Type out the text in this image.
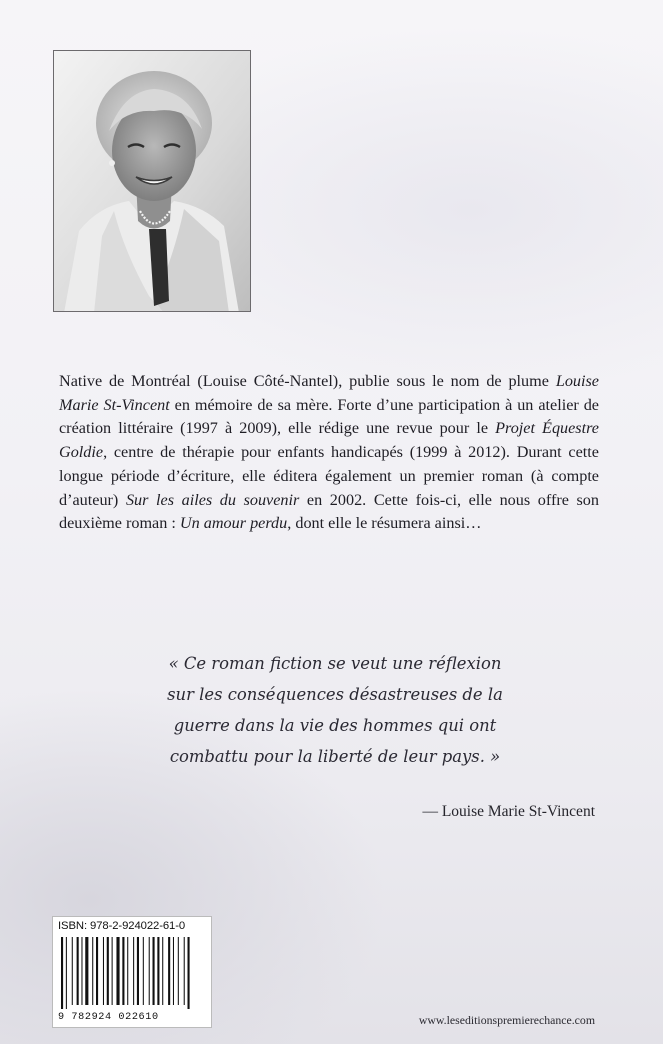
Native de Montréal (Louise Côté-Nantel), publie sous le nom de plume Louise Marie St-Vincent en mémoire de sa mère. Forte d’une participation à un atelier de création littéraire (1997 à 2009), elle rédige une revue pour le Projet Équestre Goldie, centre de thérapie pour enfants handicapés (1999 à 2012). Durant cette longue période d’écriture, elle éditera également un premier roman (à compte d’auteur) Sur les ailes du souvenir en 2002. Cette fois-ci, elle nous offre son deuxième roman : Un amour perdu, dont elle le résumera ainsi…
« Ce roman fiction se veut une réflexion
sur les conséquences désastreuses de la
guerre dans la vie des hommes qui ont
combattu pour la liberté de leur pays. »
— Louise Marie St-Vincent
ISBN: 978-2-924022-61-0
9 782924 022610	www.leseditionspremierechance.com
